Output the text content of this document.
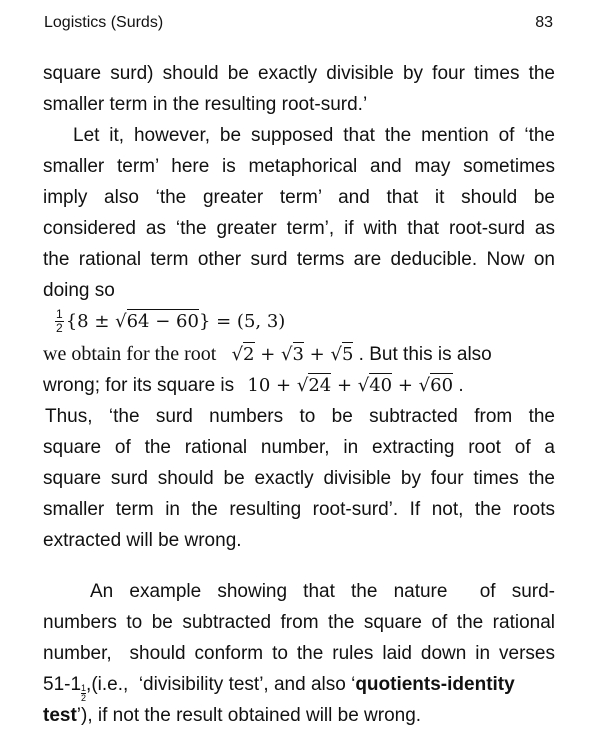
Logistics (Surds)	83
square surd) should be exactly divisible by four times the
smaller term in the resulting root-surd.’
Let it, however, be supposed that the mention of ‘the
smaller term’ here is metaphorical and may sometimes
imply also ‘the greater term’ and that it should be
considered as ‘the greater term’, if with that root-surd as
the rational term other surd terms are deducible. Now on
doing so
$\frac{1}{2} \{8 \pm √64 - 60\} = (5$, 3)
we obtain for the root √2 + √3 + √5 . But this is also
wrong; for its square is 10 + √24 + √40 + √60 .
Thus, ‘the surd numbers to be subtracted from the
square of the rational number, in extracting root of a
square surd should be exactly divisible by four times the
smaller term in the resulting root-surd’. If not, the roots
extracted will be wrong.
An example showing that the nature  of surd-
numbers to be subtracted from the square of the rational
number,  should conform to the rules laid down in verses
$51-1 \frac{1}{2} ,(i.e$.,  ‘divisibility test’, and also ‘quotients-identity
test’), if not the result obtained will be wrong.
